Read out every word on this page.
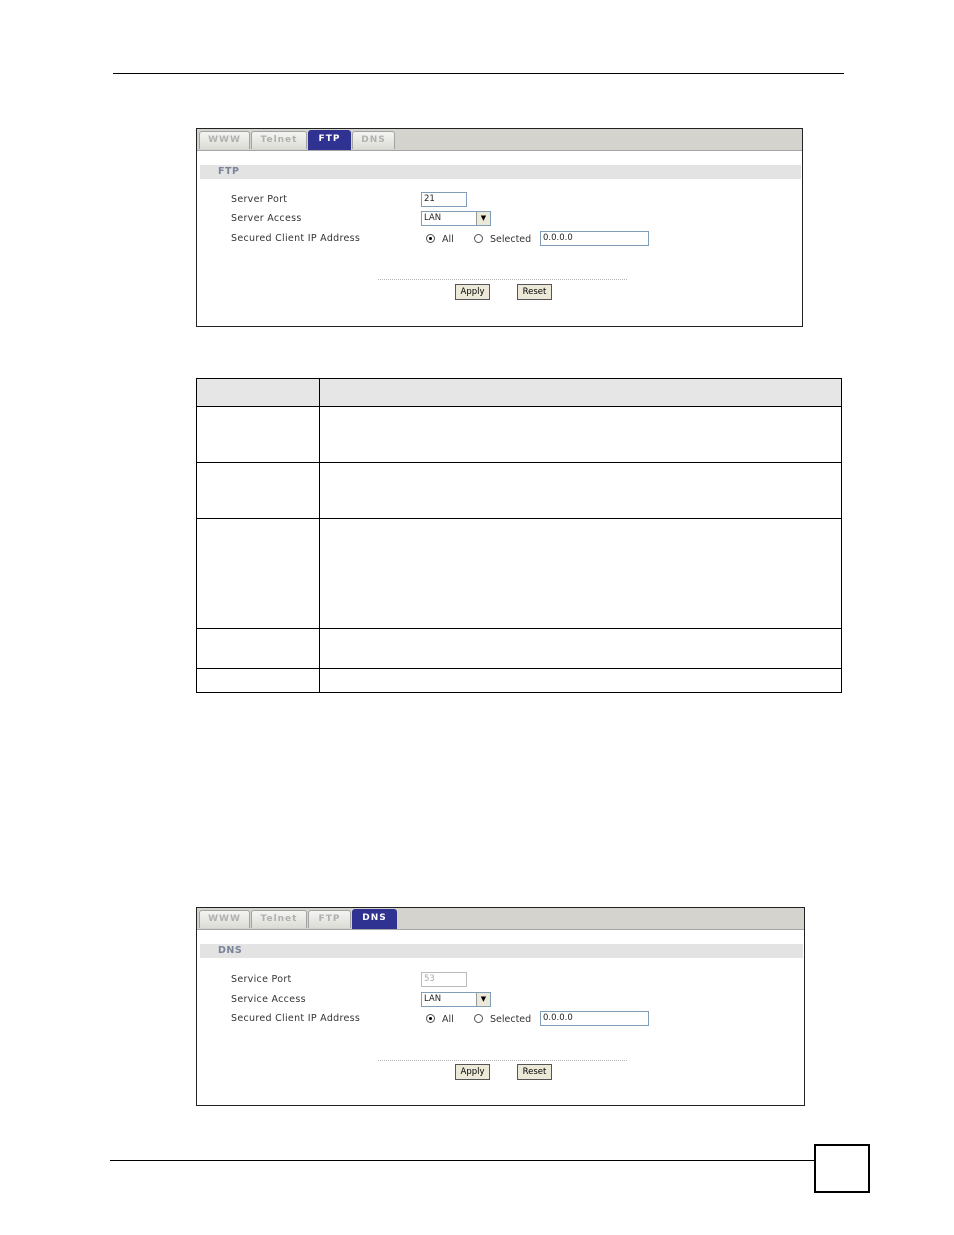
WWW	Telnet	FTP	DNS
FTP
Server Port	21
Server Access	LAN	▼
Secured Client IP Address	All	Selected	0.0.0.0
Apply	Reset

WWW	Telnet	FTP	DNS
DNS
Service Port	53
Service Access	LAN	▼
Secured Client IP Address	All	Selected	0.0.0.0
Apply	Reset
